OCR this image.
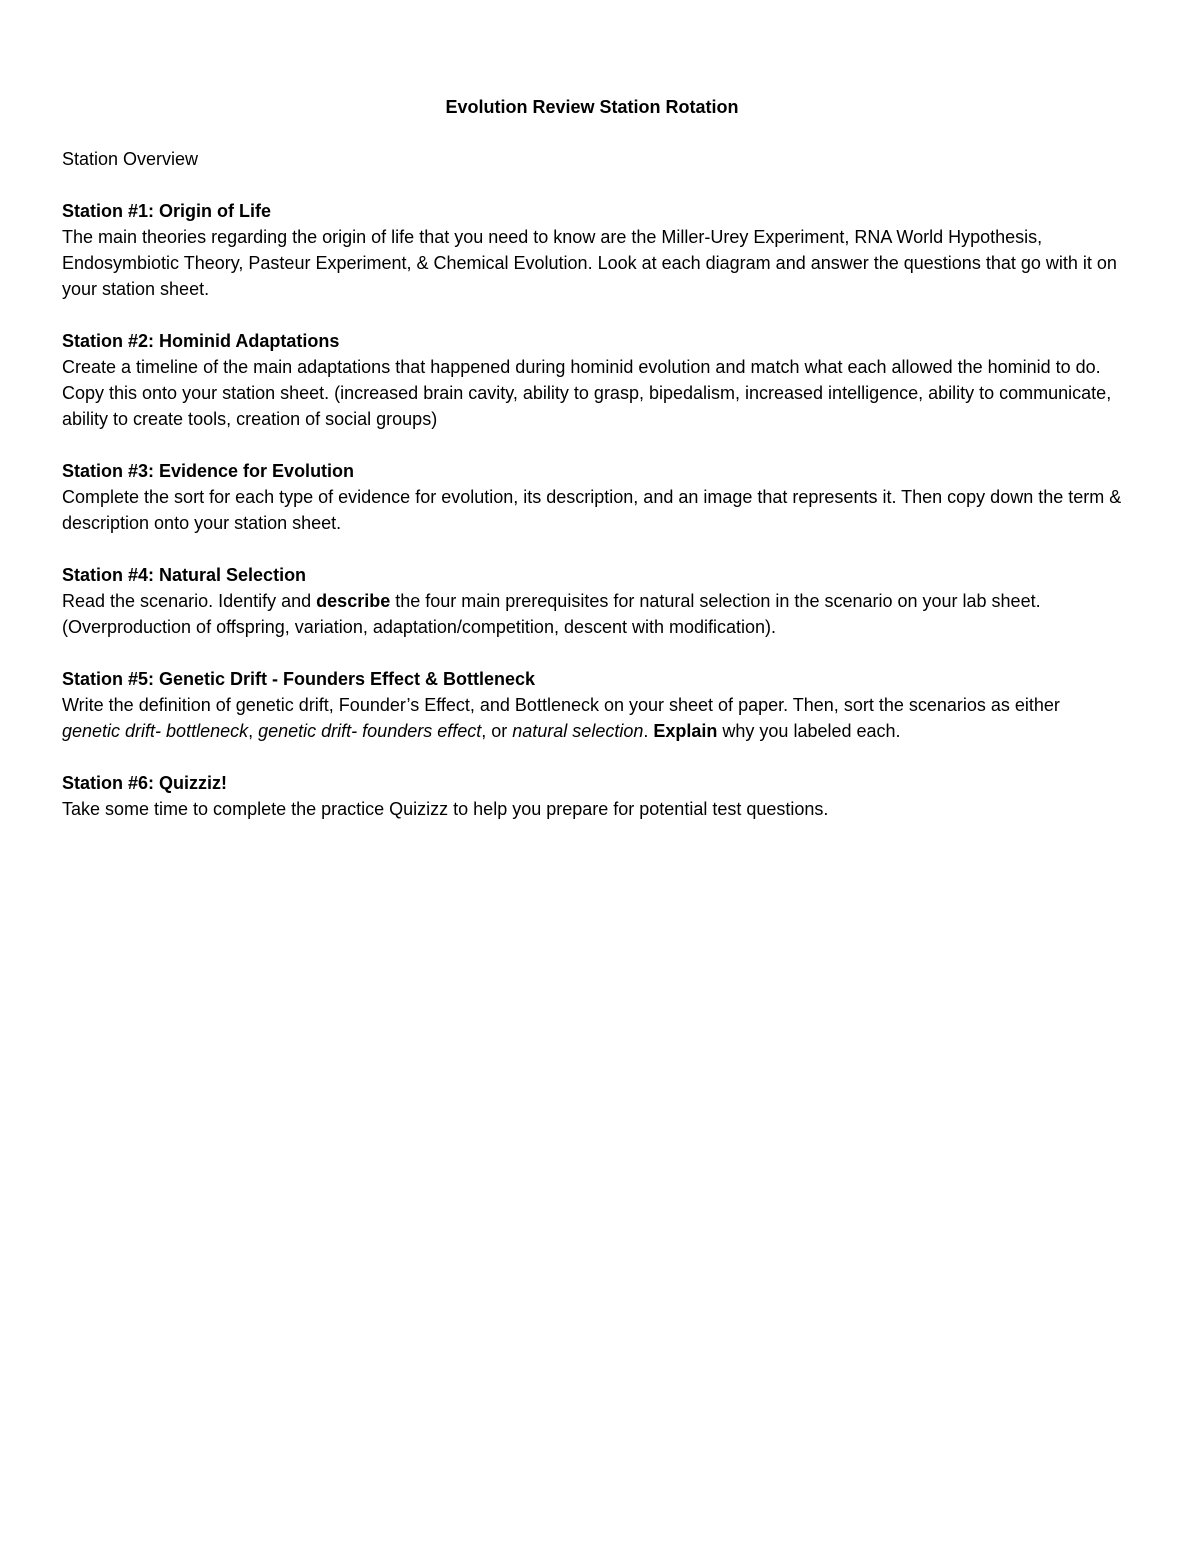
Evolution Review Station Rotation
Station Overview
Station #1: Origin of Life
The main theories regarding the origin of life that you need to know are the Miller-Urey Experiment, RNA World Hypothesis, Endosymbiotic Theory, Pasteur Experiment, & Chemical Evolution. Look at each diagram and answer the questions that go with it on your station sheet.
Station #2: Hominid Adaptations
Create a timeline of the main adaptations that happened during hominid evolution and match what each allowed the hominid to do. Copy this onto your station sheet. (increased brain cavity, ability to grasp, bipedalism, increased intelligence, ability to communicate, ability to create tools, creation of social groups)
Station #3: Evidence for Evolution
Complete the sort for each type of evidence for evolution, its description, and an image that represents it. Then copy down the term & description onto your station sheet.
Station #4: Natural Selection
Read the scenario. Identify and describe the four main prerequisites for natural selection in the scenario on your lab sheet. (Overproduction of offspring, variation, adaptation/competition, descent with modification).
Station #5: Genetic Drift - Founders Effect & Bottleneck
Write the definition of genetic drift, Founder’s Effect, and Bottleneck on your sheet of paper. Then, sort the scenarios as either genetic drift- bottleneck, genetic drift- founders effect, or natural selection. Explain why you labeled each.
Station #6: Quizziz!
Take some time to complete the practice Quizizz to help you prepare for potential test questions.
